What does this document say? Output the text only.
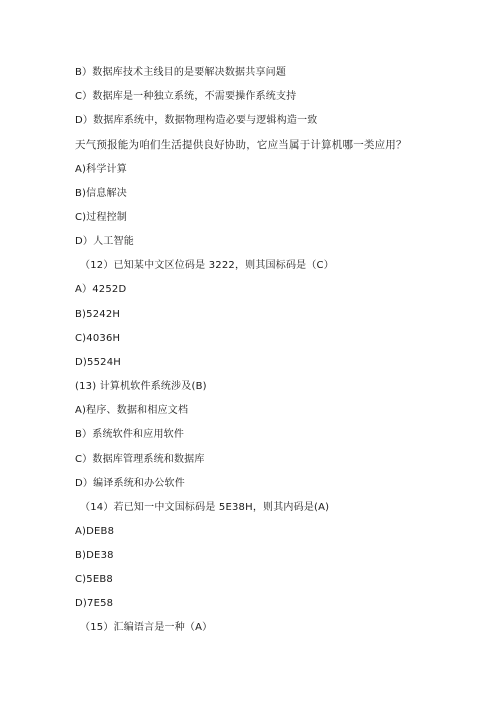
B）数据库技术主线目的是要解决数据共享问题
C）数据库是一种独立系统，不需要操作系统支持
D）数据库系统中，数据物理构造必要与逻辑构造一致
天气预报能为咱们生活提供良好协助，它应当属于计算机哪一类应用？
A)科学计算
B)信息解决
C)过程控制
D）人工智能
（12）已知某中文区位码是 3222，则其国标码是（C）
A）4252D
B)5242H
C)4036H
D)5524H
(13) 计算机软件系统涉及(B)
A)程序、数据和相应文档
B）系统软件和应用软件
C）数据库管理系统和数据库
D）编译系统和办公软件
（14）若已知一中文国标码是 5E38H，则其内码是(A)
A)DEB8
B)DE38
C)5EB8
D)7E58
（15）汇编语言是一种（A）
